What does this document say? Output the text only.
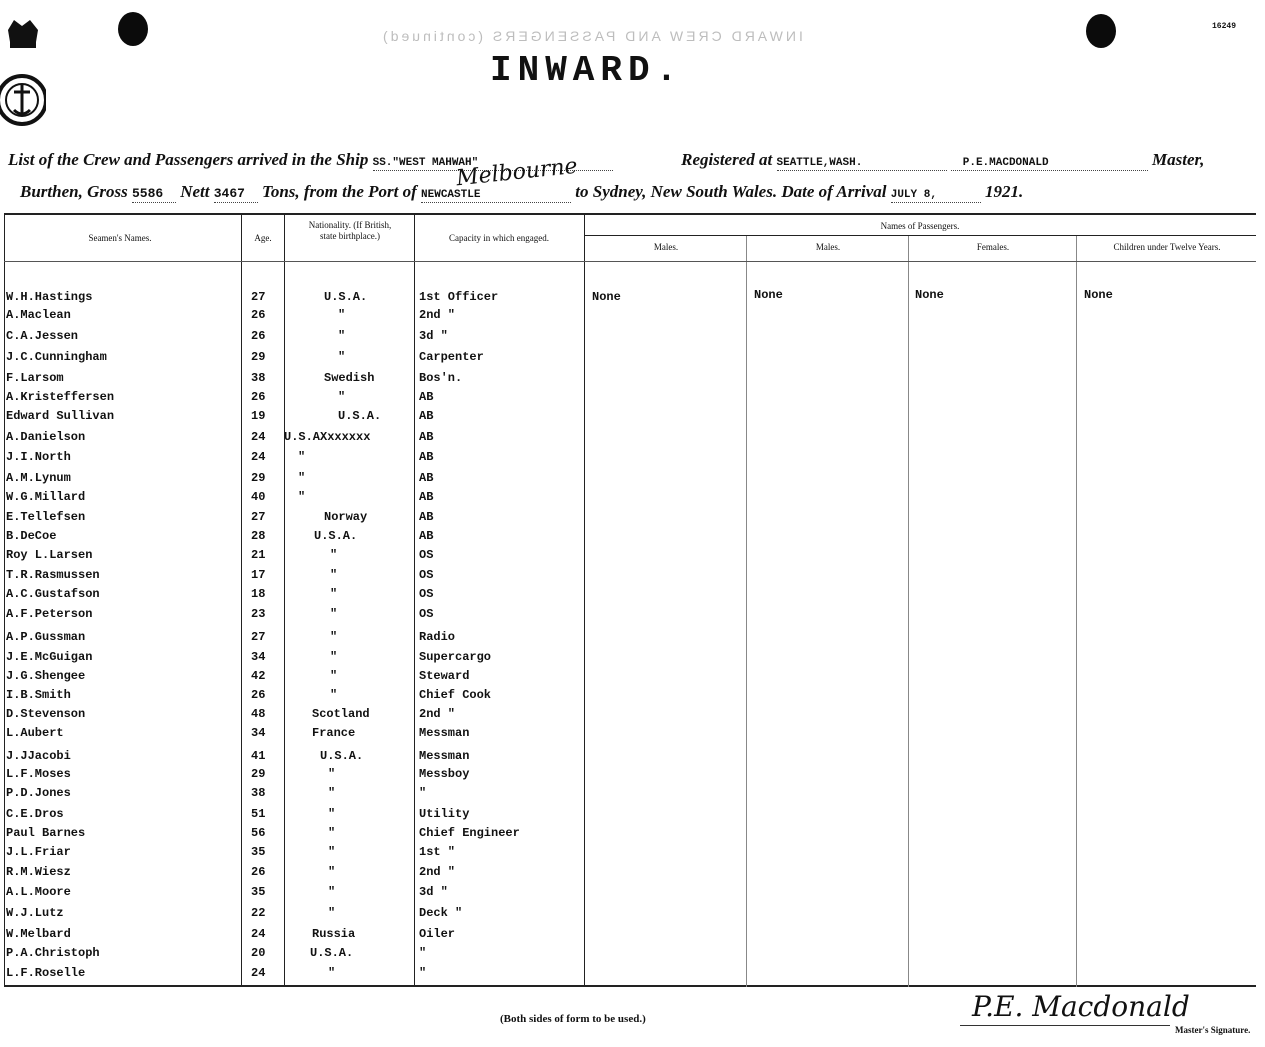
16249
INWARD CREW AND PASSENGERS (continued)
INWARD.
List of the Crew and Passengers arrived in the Ship SS."WEST MAHWAH"	Registered at SEATTLE,WASH.	P.E.MACDONALD	Master,
Melbourne
Burthen, Gross 5586 Nett 3467 Tons, from the Port of NEWCASTLE	to Sydney, New South Wales. Date of Arrival JULY 8,	1921.
Seamen's Names.	Age.
Nationality. (If British, state birthplace.)	Capacity in which engaged.
Names of Passengers.
Males.	Males.	Females.	Children under Twelve Years.
None	None	None	None
W.H.Hastings	27	U.S.A.	1st Officer
A.Maclean	26	"	2nd "
C.A.Jessen	26	"	3d "
J.C.Cunningham	29	"	Carpenter
F.Larsom	38	Swedish	Bos'n.
A.Kristeffersen	26	"	AB
Edward Sullivan	19	U.S.A.	AB
A.Danielson	24 U.S.AXxxxxxx	AB
J.I.North	24	"	AB
A.M.Lynum	29	"	AB
W.G.Millard	40	"	AB
E.Tellefsen	27	Norway	AB
B.DeCoe	28	U.S.A.	AB
Roy L.Larsen	21	"	OS
T.R.Rasmussen	17	"	OS
A.C.Gustafson	18	"	OS
A.F.Peterson	23	"	OS
A.P.Gussman	27	"	Radio
J.E.McGuigan	34	"	Supercargo
J.G.Shengee	42	"	Steward
I.B.Smith	26	"	Chief Cook
D.Stevenson	48	Scotland	2nd "
L.Aubert	34	France	Messman
J.JJacobi	41	U.S.A.	Messman
L.F.Moses	29	"	Messboy
P.D.Jones	38	"	"
C.E.Dros	51	"	Utility
Paul Barnes	56	"	Chief Engineer
J.L.Friar	35	"	1st "
R.M.Wiesz	26	"	2nd "
A.L.Moore	35	"	3d "
W.J.Lutz	22	"	Deck "
W.Melbard	24	Russia	Oiler
P.A.Christoph	20	U.S.A.	"
L.F.Roselle	24	"	"
(Both sides of form to be used.)	P.E. Macdonald
Master's Signature.
